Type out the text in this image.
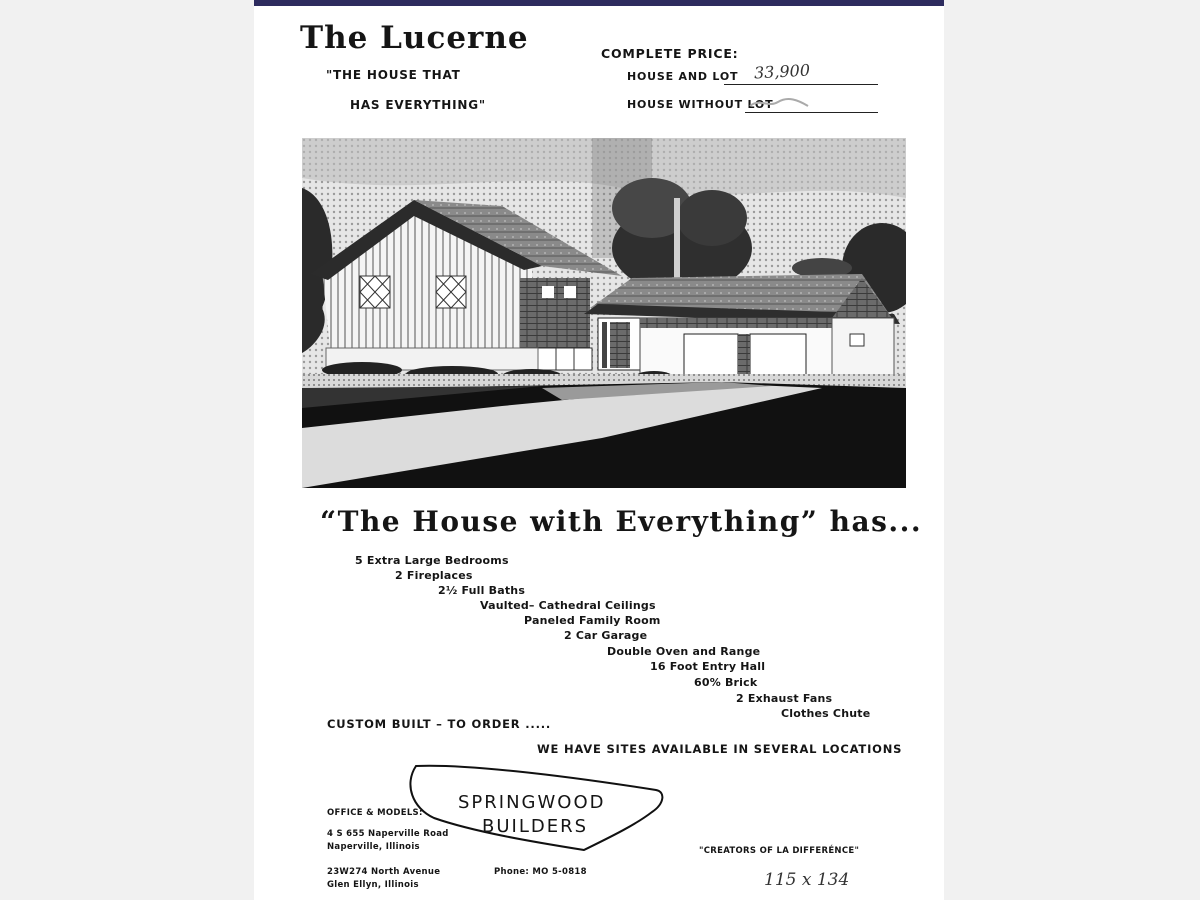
The Lucerne
"THE HOUSE THAT
HAS EVERYTHING"
COMPLETE PRICE:
HOUSE AND LOT 33,900
HOUSE WITHOUT LOT
“The House with Everything” has...
5 Extra Large Bedrooms
2 Fireplaces
2½ Full Baths
Vaulted– Cathedral Ceilings
Paneled Family Room
2 Car Garage
Double Oven and Range
16 Foot Entry Hall
60% Brick
2 Exhaust Fans
Clothes Chute
CUSTOM BUILT – TO ORDER .....
WE HAVE SITES AVAILABLE IN SEVERAL LOCATIONS
SPRINGWOOD
BUILDERS
OFFICE & MODELS:
4 S 655 Naperville Road
Naperville, Illinois
23W274 North Avenue
Glen Ellyn, Illinois
Phone: MO 5-0818
"CREATORS OF LA DIFFERÉNCE"
115 x 134
